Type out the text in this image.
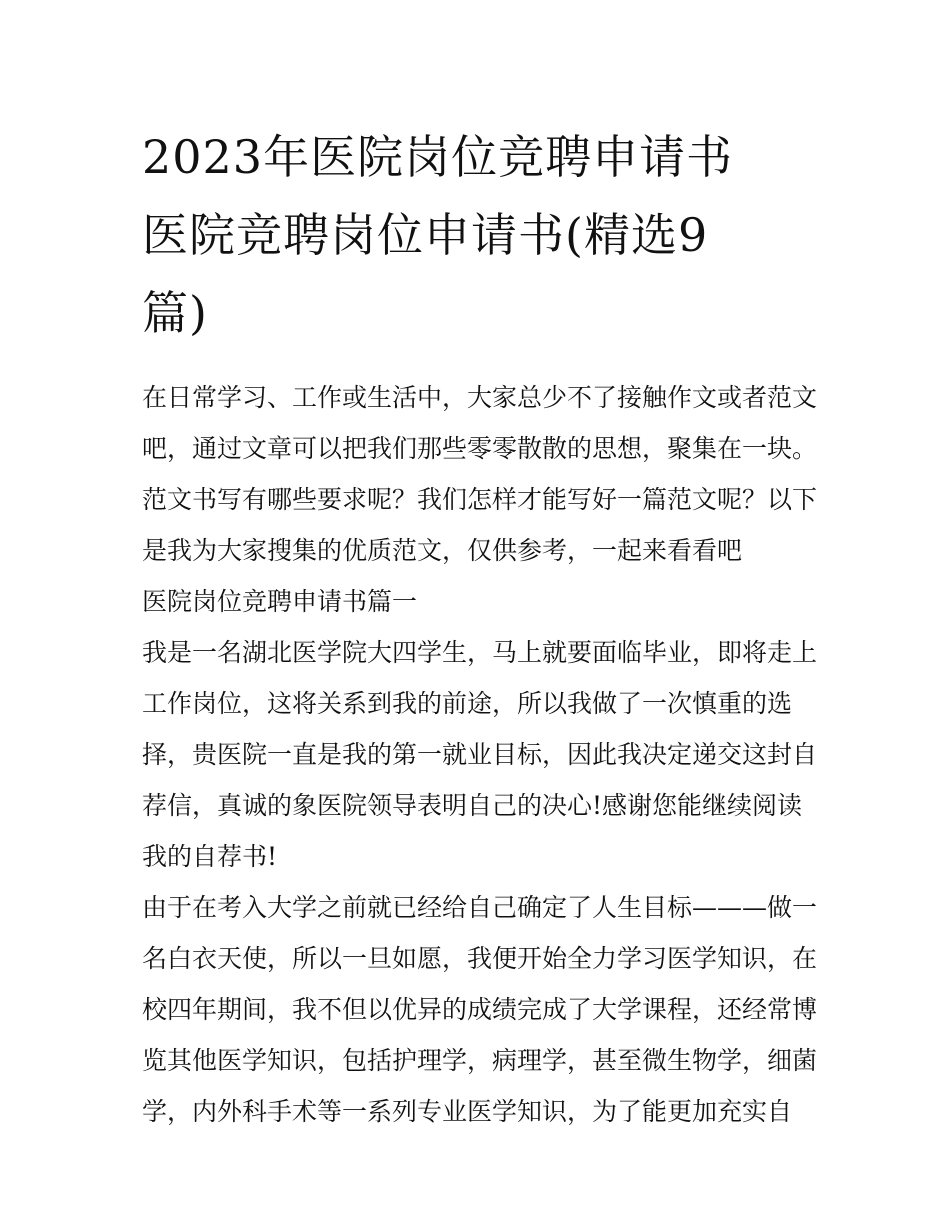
2023年医院岗位竞聘申请书
医院竞聘岗位申请书(精选9
篇)

在日常学习、工作或生活中，大家总少不了接触作文或者范文

吧，通过文章可以把我们那些零零散散的思想，聚集在一块。

范文书写有哪些要求呢？我们怎样才能写好一篇范文呢？以下

是我为大家搜集的优质范文，仅供参考，一起来看看吧

医院岗位竞聘申请书篇一

我是一名湖北医学院大四学生，马上就要面临毕业，即将走上

工作岗位，这将关系到我的前途，所以我做了一次慎重的选

择，贵医院一直是我的第一就业目标，因此我决定递交这封自

荐信，真诚的象医院领导表明自己的决心!感谢您能继续阅读

我的自荐书!

由于在考入大学之前就已经给自己确定了人生目标———做一

名白衣天使，所以一旦如愿，我便开始全力学习医学知识，在

校四年期间，我不但以优异的成绩完成了大学课程，还经常博

览其他医学知识，包括护理学，病理学，甚至微生物学，细菌

学，内外科手术等一系列专业医学知识，为了能更加充实自
